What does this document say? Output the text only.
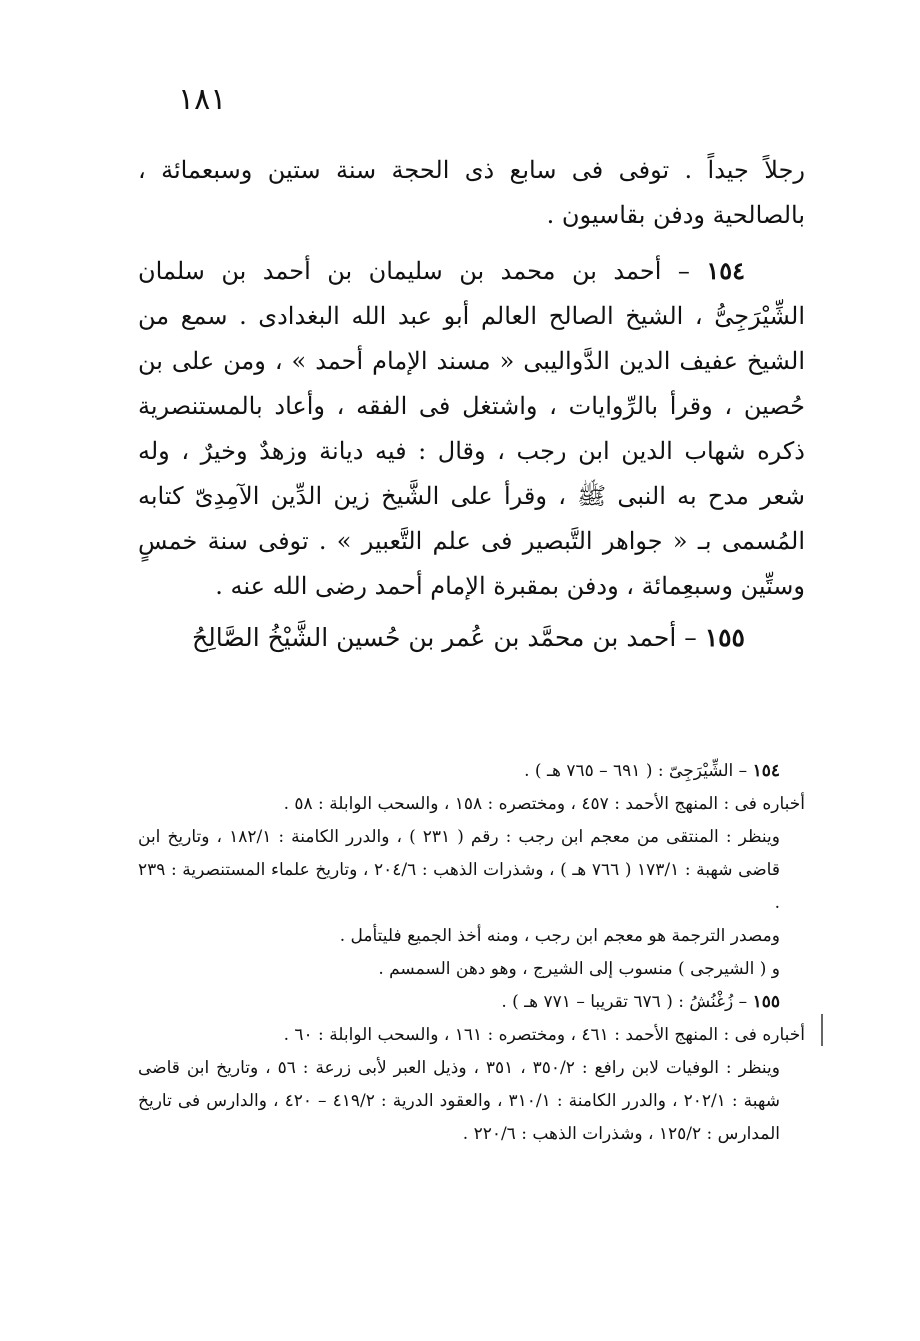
١٨١

رجلاً جيداً . توفى فى سابع ذى الحجة سنة ستين وسبعمائة ، بالصالحية ودفن بقاسيون .

١٥٤ – أحمد بن محمد بن سليمان بن أحمد بن سلمان الشِّيْرَجِىُّ ، الشيخ الصالح العالم أبو عبد الله البغدادى . سمع من الشيخ عفيف الدين الدَّواليبى « مسند الإمام أحمد » ، ومن على بن حُصين ، وقرأ بالرِّوايات ، واشتغل فى الفقه ، وأعاد بالمستنصرية ذكره شهاب الدين ابن رجب ، وقال : فيه ديانة وزهدٌ وخيرٌ ، وله شعر مدح به النبى ﷺ ، وقرأ على الشَّيخ زين الدِّين الآمِدِىّ كتابه المُسمى بـ « جواهر التَّبصير فى علم التَّعبير » . توفى سنة خمسٍ وستِّين وسبعِمائة ، ودفن بمقبرة الإمام أحمد رضى الله عنه .

١٥٥ – أحمد بن محمَّد بن عُمر بن حُسين الشَّيْخُ الصَّالِحُ

١٥٤ – الشِّيْرَجِىّ : ( ٦٩١ – ٧٦٥ هـ ) .

أخباره فى : المنهج الأحمد : ٤٥٧ ، ومختصره : ١٥٨ ، والسحب الوابلة : ٥٨ .

وينظر : المنتقى من معجم ابن رجب : رقم ( ٢٣١ ) ، والدرر الكامنة : ١٨٢/١ ، وتاريخ ابن قاضى شهبة : ١٧٣/١ ( ٧٦٦ هـ ) ، وشذرات الذهب : ٢٠٤/٦ ، وتاريخ علماء المستنصرية : ٢٣٩ .

ومصدر الترجمة هو معجم ابن رجب ، ومنه أخذ الجميع فليتأمل .

و ( الشيرجى ) منسوب إلى الشيرج ، وهو دهن السمسم .

١٥٥ – زُغْنُشُ : ( ٦٧٦ تقريبا – ٧٧١ هـ ) .

أخباره فى : المنهج الأحمد : ٤٦١ ، ومختصره : ١٦١ ، والسحب الوابلة : ٦٠ .

وينظر : الوفيات لابن رافع : ٣٥٠/٢ ، ٣٥١ ، وذيل العبر لأبى زرعة : ٥٦ ، وتاريخ ابن قاضى شهبة : ٢٠٢/١ ، والدرر الكامنة : ٣١٠/١ ، والعقود الدرية : ٤١٩/٢ – ٤٢٠ ، والدارس فى تاريخ المدارس : ١٢٥/٢ ، وشذرات الذهب : ٢٢٠/٦ .
